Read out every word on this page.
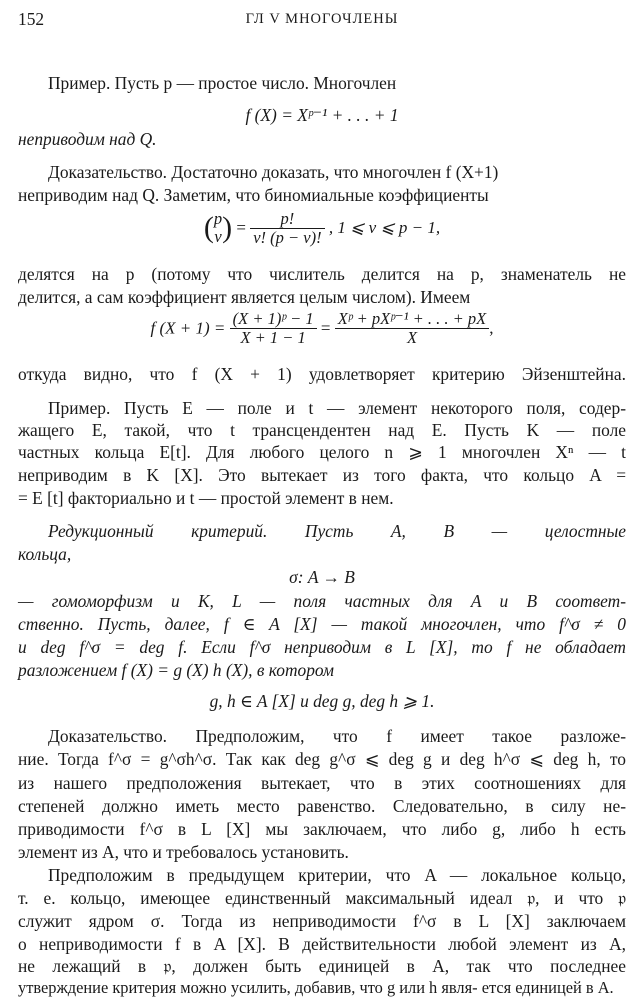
152	ГЛ V МНОГОЧЛЕНЫ
Пример. Пусть p — простое число. Многочлен
f (X) = Xᵖ⁻¹ + . . . + 1
неприводим над Q.
Доказательство. Достаточно доказать, что многочлен f (X+1)
неприводим над Q. Заметим, что биномиальные коэффициенты
( p
ν ) = $\frac{p!}{\nu! (p - \nu)!}$ , 1 ⩽ ν ⩽ p − 1,
делятся на p (потому что числитель делится на p, знаменатель не
делится, а сам коэффициент является целым числом). Имеем
f $(X + 1) = \frac{\text{(X + 1)ᵖ − 1}}{X + 1 - 1} = \frac{\text{Xᵖ + pXᵖ⁻¹ + . . . + pX}}{X}$ ,
откуда видно, что f (X + 1) удовлетворяет критерию Эйзенштейна.
Пример. Пусть E — поле и t — элемент некоторого поля, содер-
жащего E, такой, что t трансцендентен над E. Пусть K — поле
частных кольца E[t]. Для любого целого n ⩾ 1 многочлен Xⁿ — t
неприводим в K [X]. Это вытекает из того факта, что кольцо A =
= E [t] факториально и t — простой элемент в нем.
Редукционный критерий. Пусть A, B — целостные
кольца,
σ: A → B
— гомоморфизм и K, L — поля частных для A и B соответ-
ственно. Пусть, далее, f ∈ A [X] — такой многочлен, что f^σ ≠ 0
и deg f^σ = deg f. Если f^σ неприводим в L [X], то f не обладает
разложением f (X) = g (X) h (X), в котором
g, h ∈ A [X] и deg g, deg h ⩾ 1.
Доказательство. Предположим, что f имеет такое разложе-
ние. Тогда f^σ = g^σh^σ. Так как deg g^σ ⩽ deg g и deg h^σ ⩽ deg h, то
из нашего предположения вытекает, что в этих соотношениях для
степеней должно иметь место равенство. Следовательно, в силу не-
приводимости f^σ в L [X] мы заключаем, что либо g, либо h есть
элемент из A, что и требовалось установить.
Предположим в предыдущем критерии, что A — локальное кольцо,
т. е. кольцо, имеющее единственный максимальный идеал 𝔭, и что 𝔭
служит ядром σ. Тогда из неприводимости f^σ в L [X] заключаем
о неприводимости f в A [X]. В действительности любой элемент из A,
не лежащий в 𝔭, должен быть единицей в A, так что последнее
утверждение критерия можно усилить, добавив, что g или h явля- ется единицей в A.
